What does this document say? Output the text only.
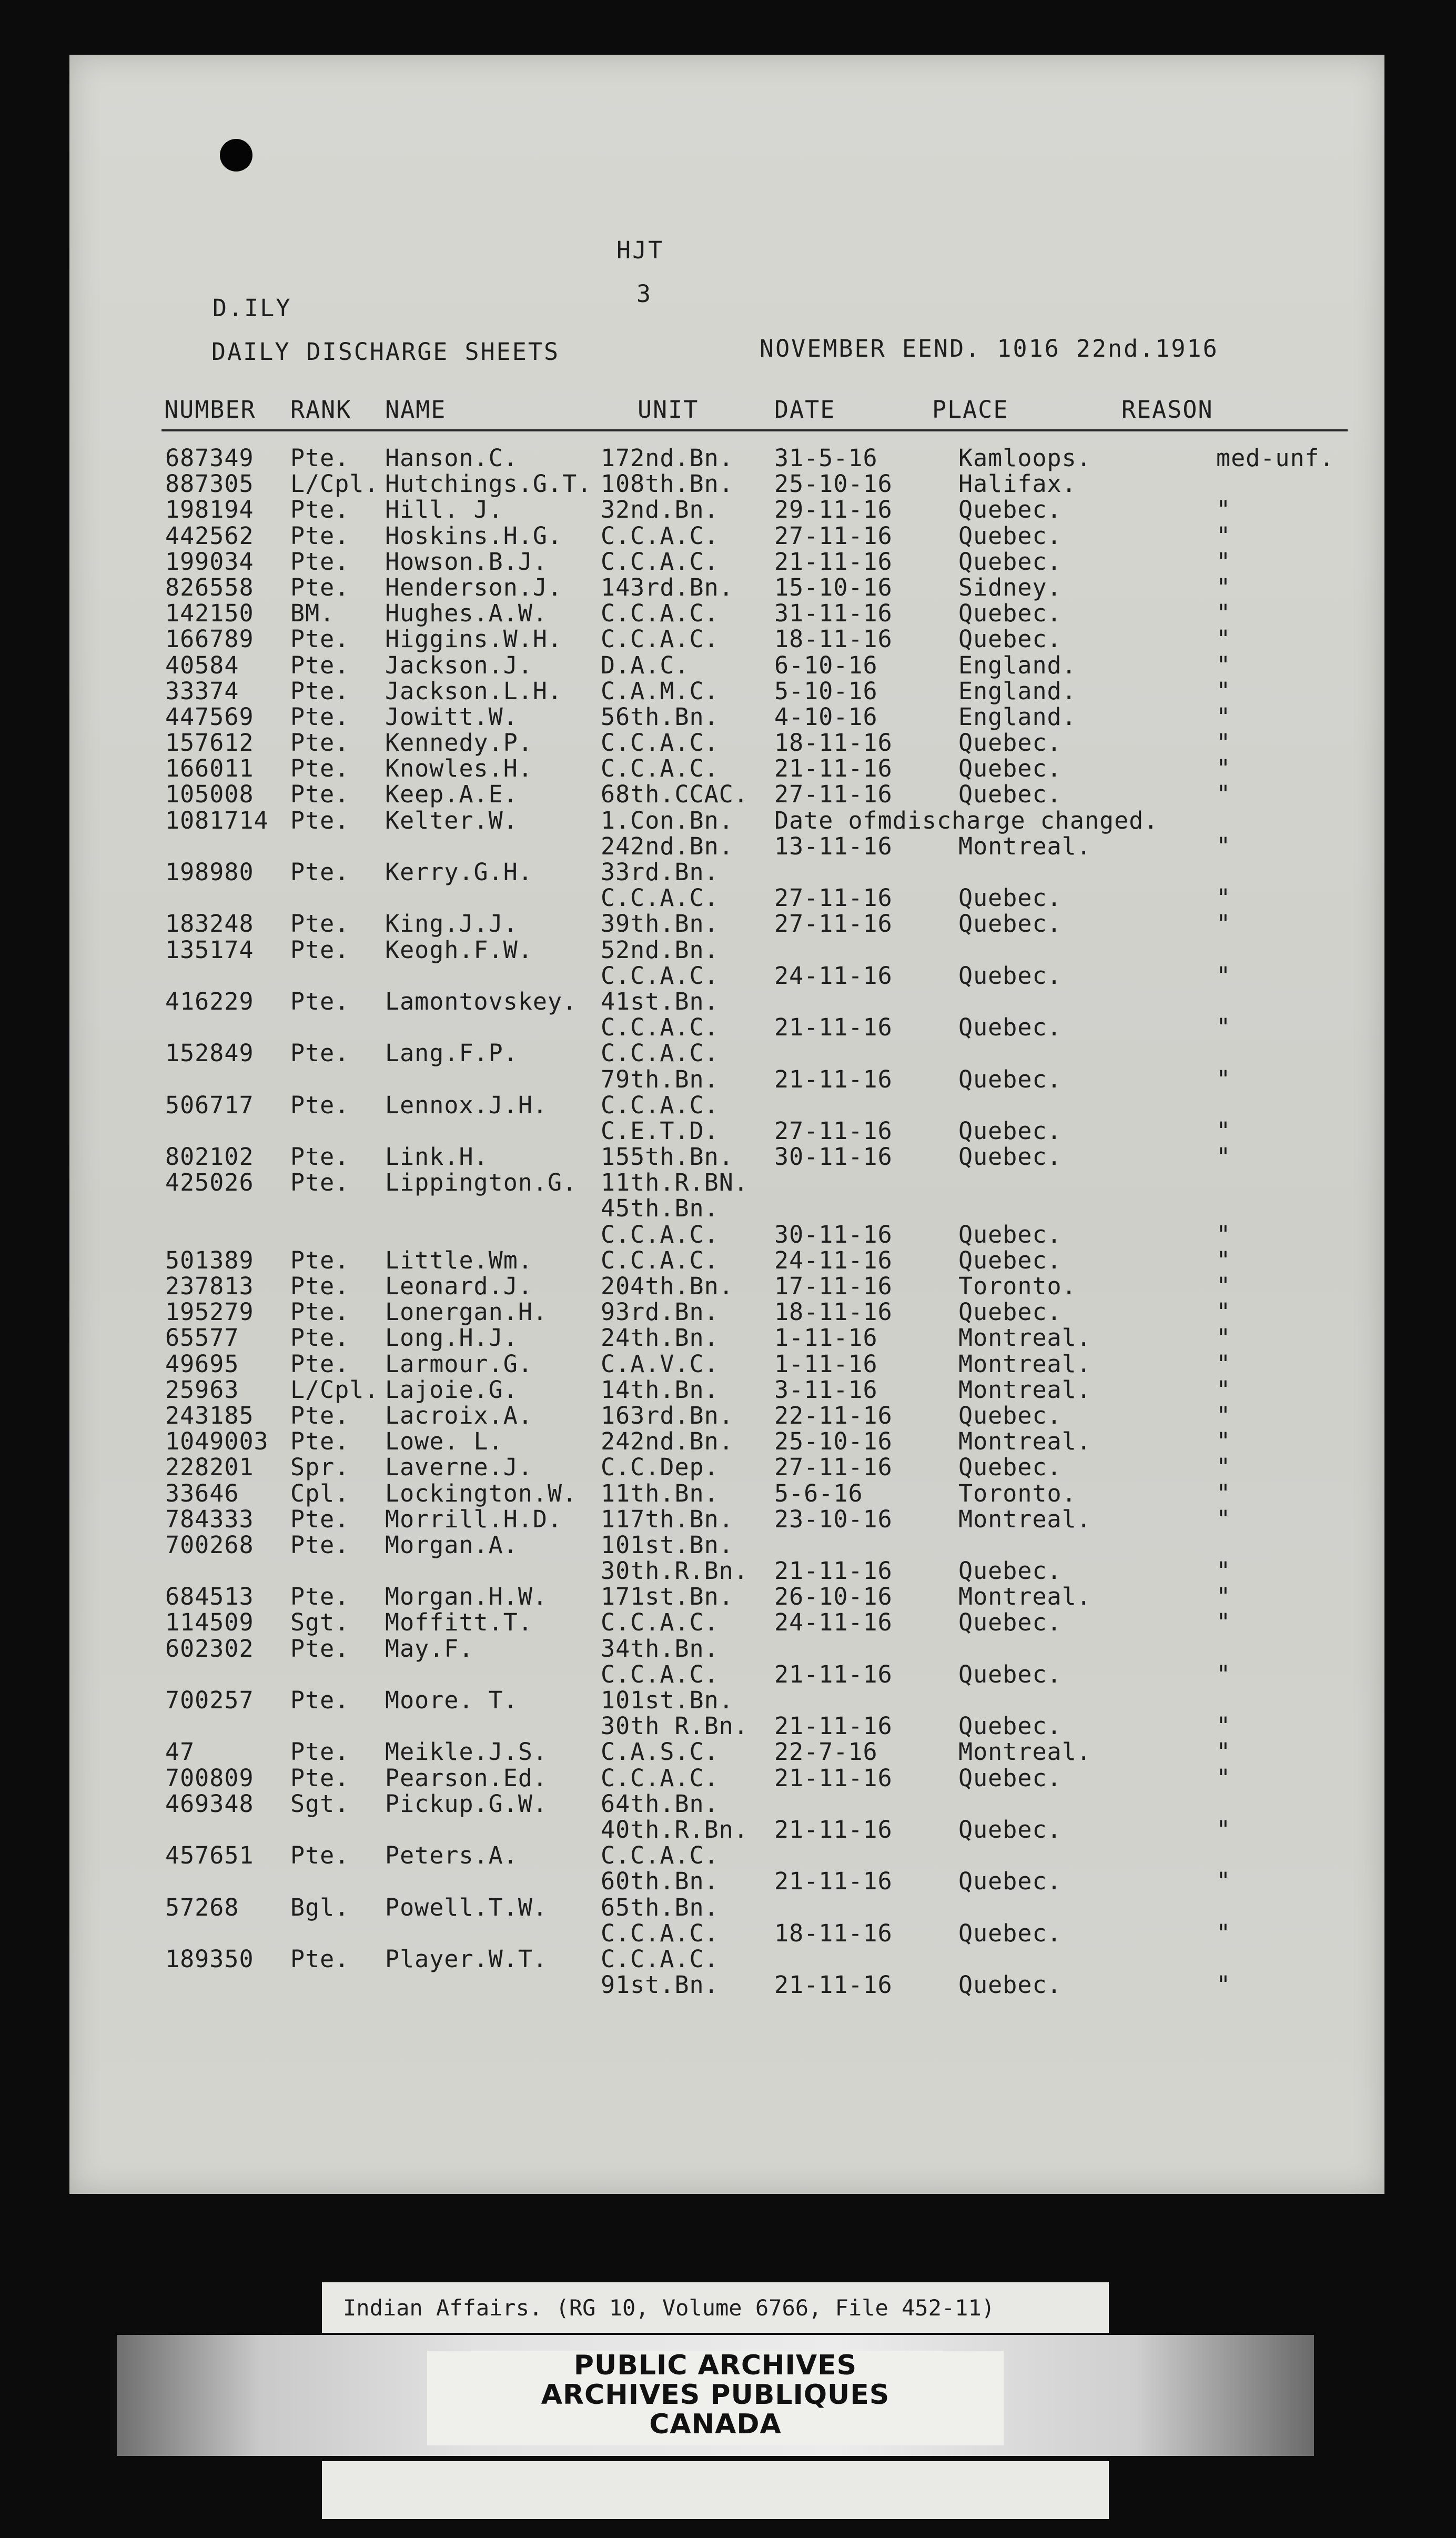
HJT
3
D.ILY
DAILY DISCHARGE SHEETS	NOVEMBER EEND. 1016 22nd.1916
NUMBER RANK NAME	UNIT	DATE	PLACE	REASON
687349 Pte. Hanson.C.	172nd.Bn. 31-5-16	Kamloops.	med-unf.
887305 L/Cpl. Hutchings.G.T. 108th.Bn. 25-10-16	Halifax.
198194 Pte. Hill. J.	32nd.Bn. 29-11-16	Quebec.	"
442562 Pte. Hoskins.H.G. C.C.A.C. 27-11-16	Quebec.	"
199034 Pte. Howson.B.J. C.C.A.C. 21-11-16	Quebec.	"
826558 Pte. Henderson.J. 143rd.Bn. 15-10-16	Sidney.	"
142150 BM. Hughes.A.W. C.C.A.C. 31-11-16	Quebec.	"
166789 Pte. Higgins.W.H. C.C.A.C. 18-11-16	Quebec.	"
40584 Pte. Jackson.J.	D.A.C.	6-10-16	England.	"
33374 Pte. Jackson.L.H. C.A.M.C. 5-10-16	England.	"
447569 Pte. Jowitt.W.	56th.Bn. 4-10-16	England.	"
157612 Pte. Kennedy.P.	C.C.A.C. 18-11-16	Quebec.	"
166011 Pte. Knowles.H.	C.C.A.C. 21-11-16	Quebec.	"
105008 Pte. Keep.A.E.	68th.CCAC. 27-11-16	Quebec.	"
1081714 Pte. Kelter.W.	1.Con.Bn. Date ofmdischarge changed.
242nd.Bn. 13-11-16	Montreal.	"
198980 Pte. Kerry.G.H.	33rd.Bn.
C.C.A.C. 27-11-16	Quebec.	"
183248 Pte. King.J.J.	39th.Bn. 27-11-16	Quebec.	"
135174 Pte. Keogh.F.W.	52nd.Bn.
C.C.A.C. 24-11-16	Quebec.	"
416229 Pte. Lamontovskey. 41st.Bn.
C.C.A.C. 21-11-16	Quebec.	"
152849 Pte. Lang.F.P.	C.C.A.C.
79th.Bn. 21-11-16	Quebec.	"
506717 Pte. Lennox.J.H. C.C.A.C.
C.E.T.D. 27-11-16	Quebec.	"
802102 Pte. Link.H.	155th.Bn. 30-11-16	Quebec.	"
425026 Pte. Lippington.G. 11th.R.BN.
45th.Bn.
C.C.A.C. 30-11-16	Quebec.	"
501389 Pte. Little.Wm.	C.C.A.C. 24-11-16	Quebec.	"
237813 Pte. Leonard.J.	204th.Bn. 17-11-16	Toronto.	"
195279 Pte. Lonergan.H. 93rd.Bn. 18-11-16	Quebec.	"
65577 Pte. Long.H.J.	24th.Bn. 1-11-16	Montreal.	"
49695 Pte. Larmour.G.	C.A.V.C. 1-11-16	Montreal.	"
25963 L/Cpl. Lajoie.G.	14th.Bn. 3-11-16	Montreal.	"
243185 Pte. Lacroix.A.	163rd.Bn. 22-11-16	Quebec.	"
1049003 Pte. Lowe. L.	242nd.Bn. 25-10-16	Montreal.	"
228201 Spr. Laverne.J.	C.C.Dep. 27-11-16	Quebec.	"
33646 Cpl. Lockington.W. 11th.Bn. 5-6-16	Toronto.	"
784333 Pte. Morrill.H.D. 117th.Bn. 23-10-16	Montreal.	"
700268 Pte. Morgan.A.	101st.Bn.
30th.R.Bn. 21-11-16	Quebec.	"
684513 Pte. Morgan.H.W. 171st.Bn. 26-10-16	Montreal.	"
114509 Sgt. Moffitt.T.	C.C.A.C. 24-11-16	Quebec.	"
602302 Pte. May.F.	34th.Bn.
C.C.A.C. 21-11-16	Quebec.	"
700257 Pte. Moore. T.	101st.Bn.
30th R.Bn. 21-11-16	Quebec.	"
47	Pte. Meikle.J.S. C.A.S.C. 22-7-16	Montreal.	"
700809 Pte. Pearson.Ed. C.C.A.C. 21-11-16	Quebec.	"
469348 Sgt. Pickup.G.W. 64th.Bn.
40th.R.Bn. 21-11-16	Quebec.	"
457651 Pte. Peters.A.	C.C.A.C.
60th.Bn. 21-11-16	Quebec.	"
57268 Bgl. Powell.T.W. 65th.Bn.
C.C.A.C. 18-11-16	Quebec.	"
189350 Pte. Player.W.T. C.C.A.C.
91st.Bn. 21-11-16	Quebec.	"
Indian Affairs. (RG 10, Volume 6766, File 452-11)
PUBLIC ARCHIVES
ARCHIVES PUBLIQUES
CANADA
